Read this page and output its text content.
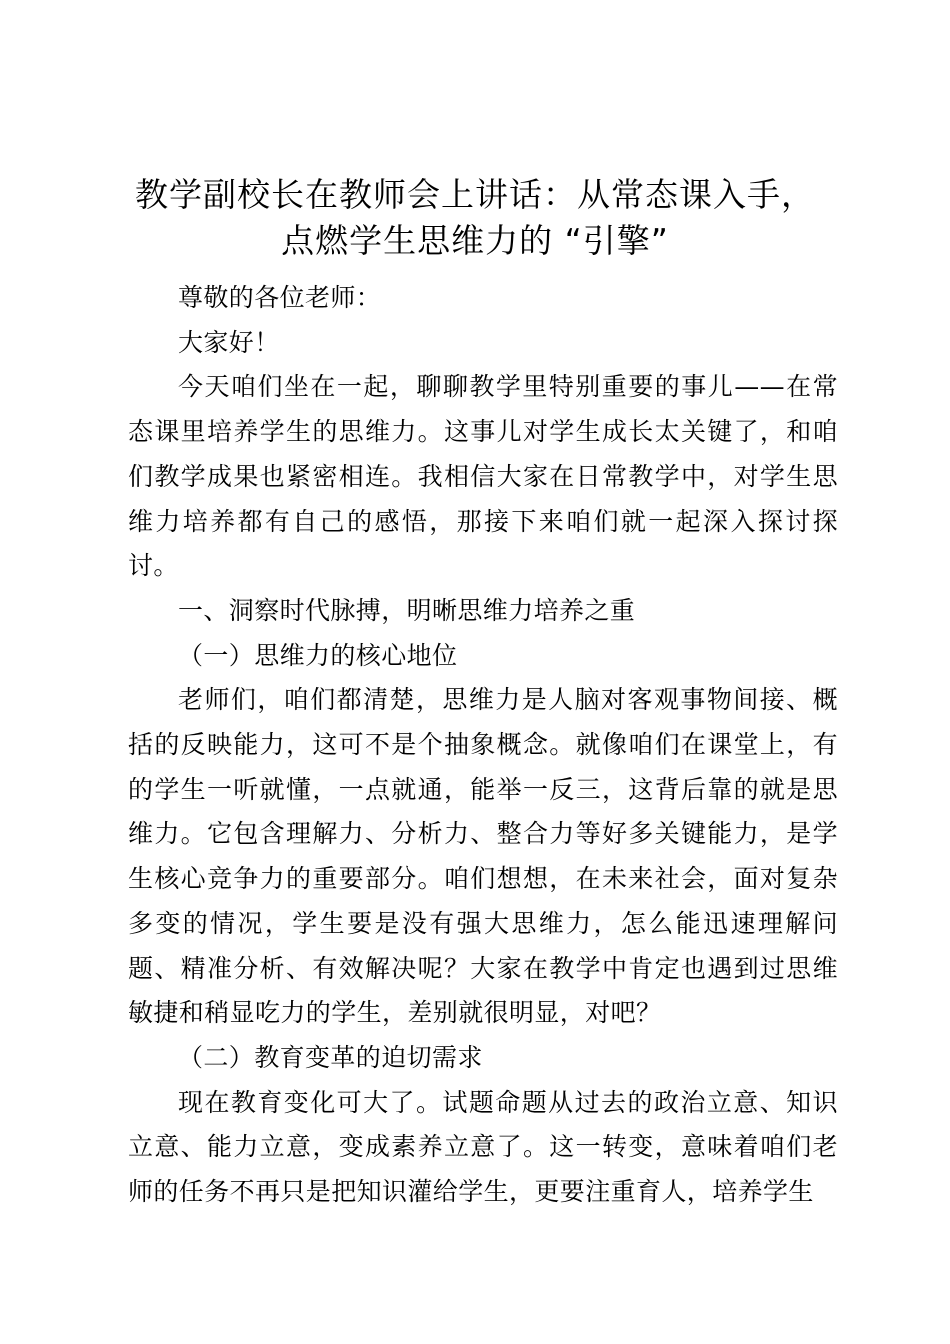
教学副校长在教师会上讲话：从常态课入手，
点燃学生思维力的 “引擎”

尊敬的各位老师：

大家好！

今天咱们坐在一起，聊聊教学里特别重要的事儿——在常态课里培养学生的思维力。这事儿对学生成长太关键了，和咱们教学成果也紧密相连。我相信大家在日常教学中，对学生思维力培养都有自己的感悟，那接下来咱们就一起深入探讨探讨。

一、洞察时代脉搏，明晰思维力培养之重

（一）思维力的核心地位

老师们，咱们都清楚，思维力是人脑对客观事物间接、概括的反映能力，这可不是个抽象概念。就像咱们在课堂上，有的学生一听就懂，一点就通，能举一反三，这背后靠的就是思维力。它包含理解力、分析力、整合力等好多关键能力，是学生核心竞争力的重要部分。咱们想想，在未来社会，面对复杂多变的情况，学生要是没有强大思维力，怎么能迅速理解问题、精准分析、有效解决呢？大家在教学中肯定也遇到过思维敏捷和稍显吃力的学生，差别就很明显，对吧？

（二）教育变革的迫切需求

现在教育变化可大了。试题命题从过去的政治立意、知识立意、能力立意，变成素养立意了。这一转变，意味着咱们老师的任务不再只是把知识灌给学生，更要注重育人，培养学生
